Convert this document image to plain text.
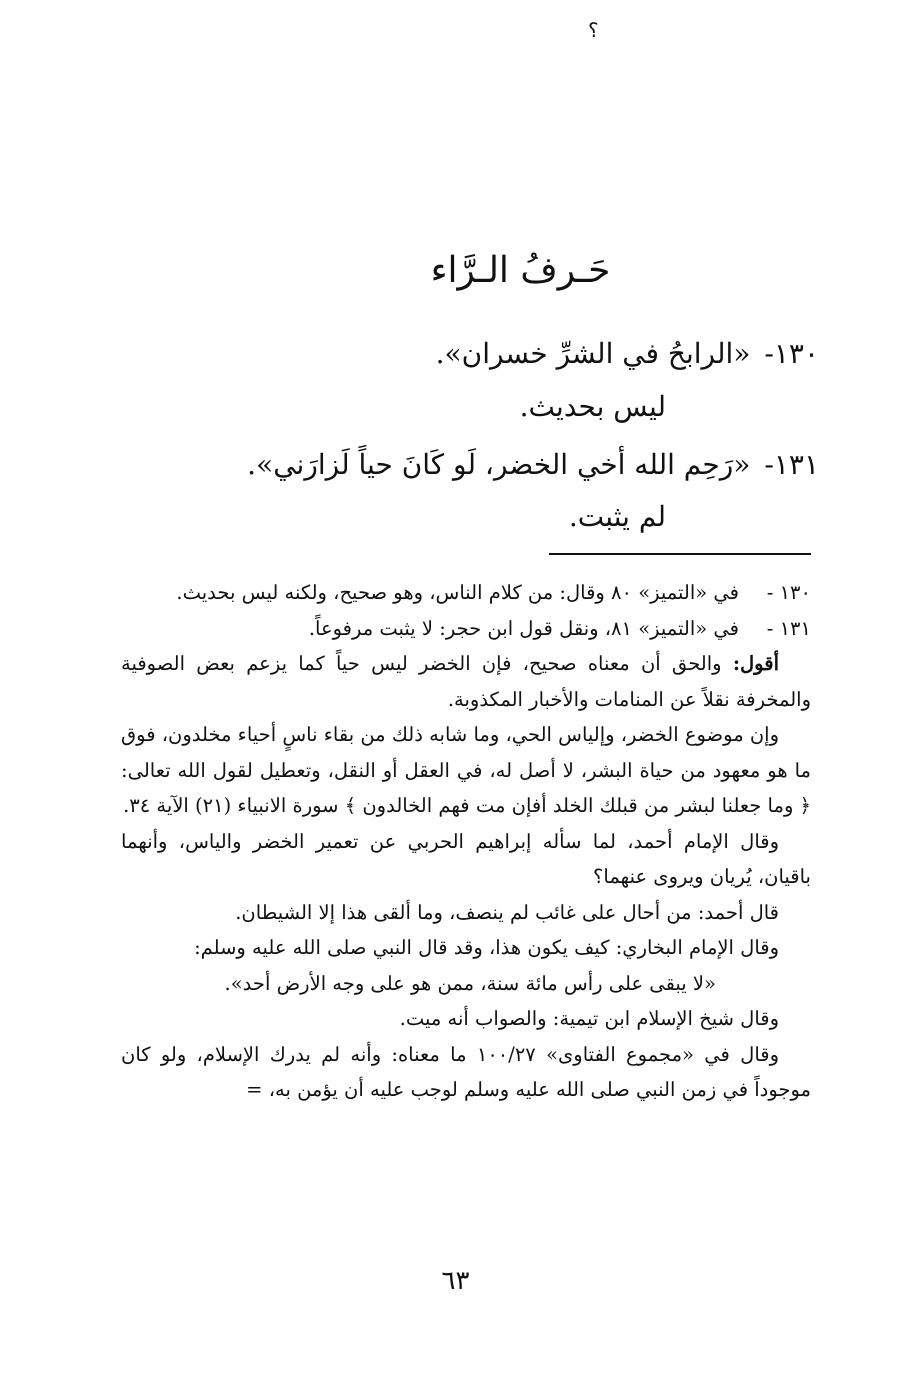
؟
حَـرفُ الـرَّاء
١٣٠-«الرابحُ في الشرِّ خسران».
ليس بحديث.
١٣١-«رَحِم الله أخي الخضر، لَو كَانَ حياً لَزارَني».
لم يثبت.

١٣٠ -في «التميز» ٨٠ وقال: من كلام الناس، وهو صحيح، ولكنه ليس بحديث.

١٣١ -في «التميز» ٨١، ونقل قول ابن حجر: لا يثبت مرفوعاً.

أقول: والحق أن معناه صحيح، فإن الخضر ليس حياً كما يزعم بعض الصوفية والمخرفة نقلاً عن المنامات والأخبار المكذوبة.

وإن موضوع الخضر، وإلياس الحي، وما شابه ذلك من بقاء ناسٍ أحياء مخلدون، فوق ما هو معهود من حياة البشر، لا أصل له، في العقل أو النقل، وتعطيل لقول الله تعالى: ﴿ وما جعلنا لبشر من قبلك الخلد أفإن مت فهم الخالدون ﴾ سورة الانبياء (٢١) الآية ٣٤.

وقال الإمام أحمد، لما سأله إبراهيم الحربي عن تعمير الخضر والياس، وأنهما باقيان، يُريان ويروى عنهما؟

قال أحمد: من أحال على غائب لم ينصف، وما ألقى هذا إلا الشيطان.

وقال الإمام البخاري: كيف يكون هذا، وقد قال النبي صلى الله عليه وسلم:

«لا يبقى على رأس مائة سنة، ممن هو على وجه الأرض أحد».

وقال شيخ الإسلام ابن تيمية: والصواب أنه ميت.

وقال في «مجموع الفتاوى» ١٠٠/٢٧ ما معناه: وأنه لم يدرك الإسلام، ولو كان موجوداً في زمن النبي صلى الله عليه وسلم لوجب عليه أن يؤمن به، =

٦٣
